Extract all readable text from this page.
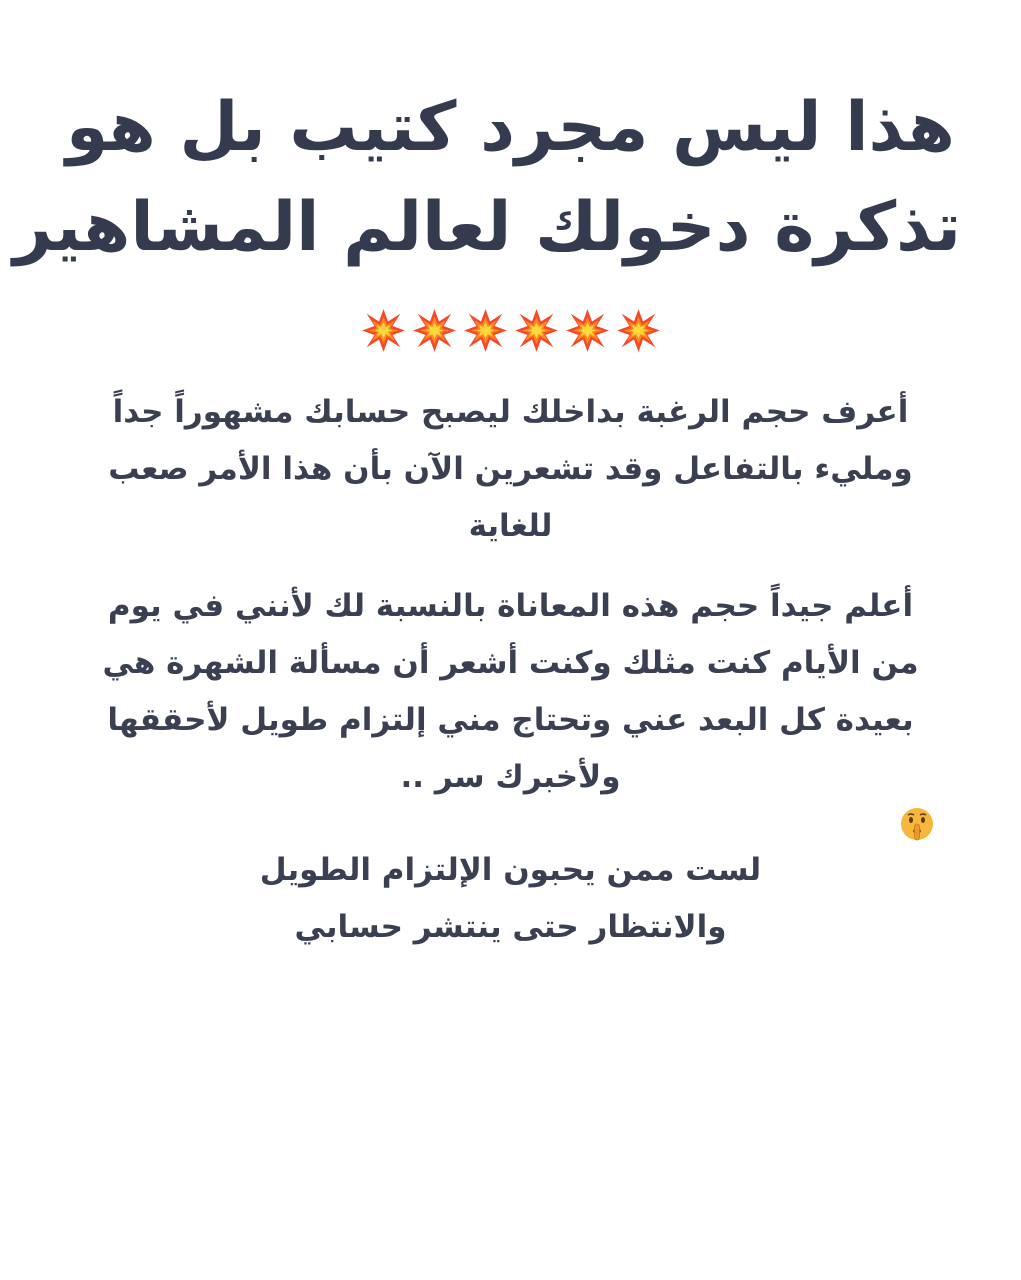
هذا ليس مجرد كتيب بل هو
تذكرة دخولك لعالم المشاهير

أعرف حجم الرغبة بداخلك ليصبح حسابك مشهوراً جداً
ومليء بالتفاعل وقد تشعرين الآن بأن هذا الأمر صعب
للغاية

أعلم جيداً حجم هذه المعاناة بالنسبة لك لأنني في يوم
من الأيام كنت مثلك وكنت أشعر أن مسألة الشهرة هي
بعيدة كل البعد عني وتحتاج مني إلتزام طويل لأحققها
ولأخبرك سر ..
لست ممن يحبون الإلتزام الطويل
والانتظار حتى ينتشر حسابي
